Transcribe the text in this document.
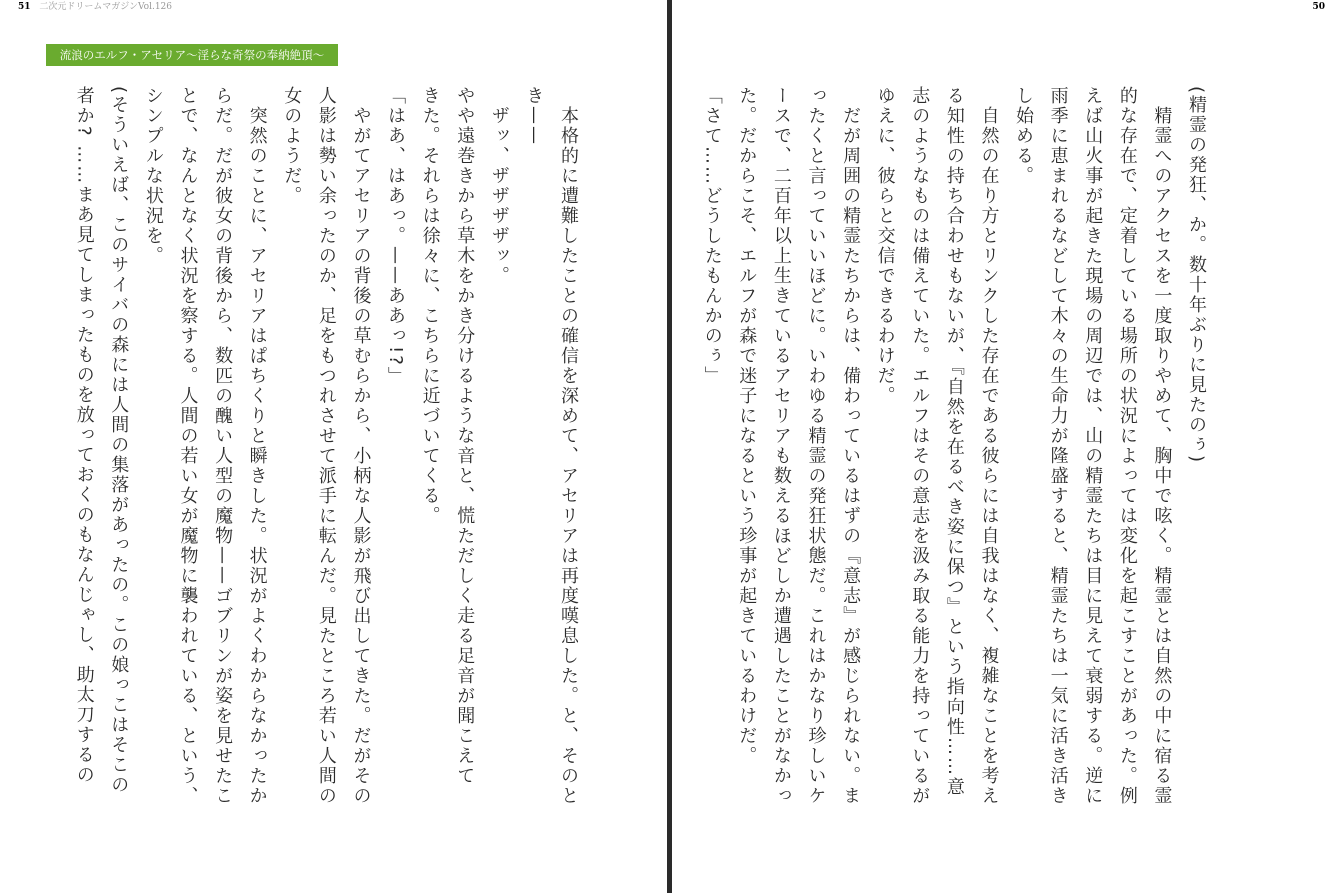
51 二次元ドリームマガジンVol.126
流浪のエルフ・アセリア〜淫らな奇祭の奉納絶頂〜
本格的に遭難したことの確信を深めて、アセリアは再度嘆息した。と、そのと
き——
ザッ、ザザザザッ。
やや遠巻きから草木をかき分けるような音と、慌ただしく走る足音が聞こえて
きた。それらは徐々に、こちらに近づいてくる。
「はあ、はあっ。——ああっ!?」
やがてアセリアの背後の草むらから、小柄な人影が飛び出してきた。だがその
人影は勢い余ったのか、足をもつれさせて派手に転んだ。見たところ若い人間の
女のようだ。
突然のことに、アセリアはぱちくりと瞬きした。状況がよくわからなかったか
らだ。だが彼女の背後から、数匹の醜い人型の魔物——ゴブリンが姿を見せたこ
とで、なんとなく状況を察する。人間の若い女が魔物に襲われている、という、
シンプルな状況を。
(そういえば、このサイバの森には人間の集落があったの。この娘っこはそこの
者か? ……まあ見てしまったものを放っておくのもなんじゃし、助太刀するの
50
(精霊の発狂、か。数十年ぶりに見たのぅ)
精霊へのアクセスを一度取りやめて、胸中で呟く。精霊とは自然の中に宿る霊
的な存在で、定着している場所の状況によっては変化を起こすことがあった。例
えば山火事が起きた現場の周辺では、山の精霊たちは目に見えて衰弱する。逆に
雨季に恵まれるなどして木々の生命力が隆盛すると、精霊たちは一気に活き活き
し始める。
自然の在り方とリンクした存在である彼らには自我はなく、複雑なことを考え
る知性の持ち合わせもないが、『自然を在るべき姿に保つ』という指向性……意
志のようなものは備えていた。エルフはその意志を汲み取る能力を持っているが
ゆえに、彼らと交信できるわけだ。
だが周囲の精霊たちからは、備わっているはずの『意志』が感じられない。ま
ったくと言っていいほどに。いわゆる精霊の発狂状態だ。これはかなり珍しいケ
ースで、二百年以上生きているアセリアも数えるほどしか遭遇したことがなかっ
た。だからこそ、エルフが森で迷子になるという珍事が起きているわけだ。
「さて……どうしたもんかのぅ」
